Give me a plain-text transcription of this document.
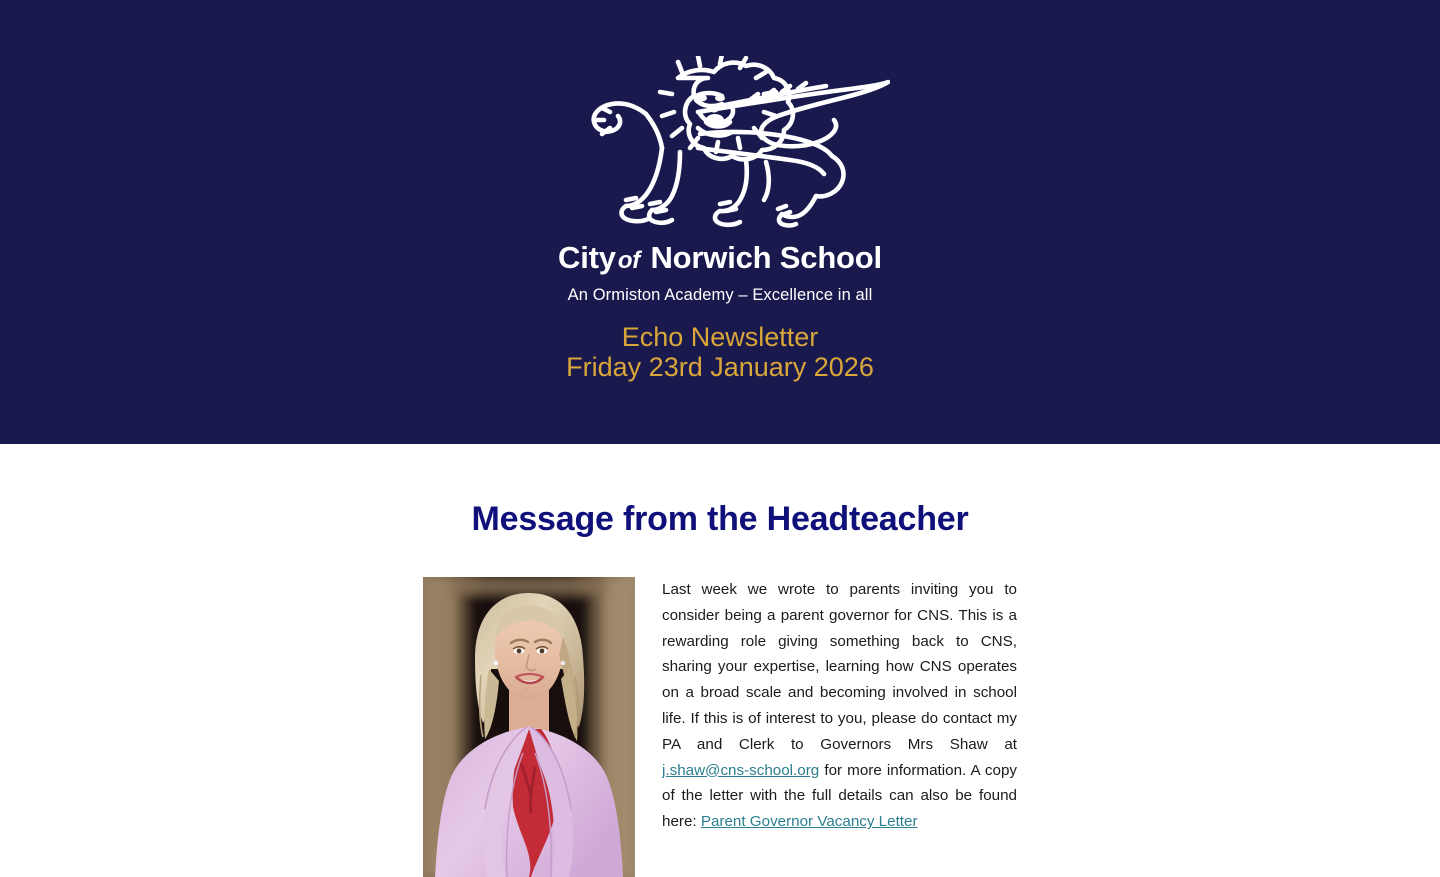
Cityof Norwich School
An Ormiston Academy – Excellence in all
Echo Newsletter
Friday 23rd January 2026
Message from the Headteacher

Last week we wrote to parents inviting you to consider being a parent governor for CNS. This is a rewarding role giving something back to CNS, sharing your expertise, learning how CNS operates on a broad scale and becoming involved in school life. If this is of interest to you, please do contact my PA and Clerk to Governors Mrs Shaw at j.shaw@cns-school.org for more information. A copy of the letter with the full details can also be found here: Parent Governor Vacancy Letter
